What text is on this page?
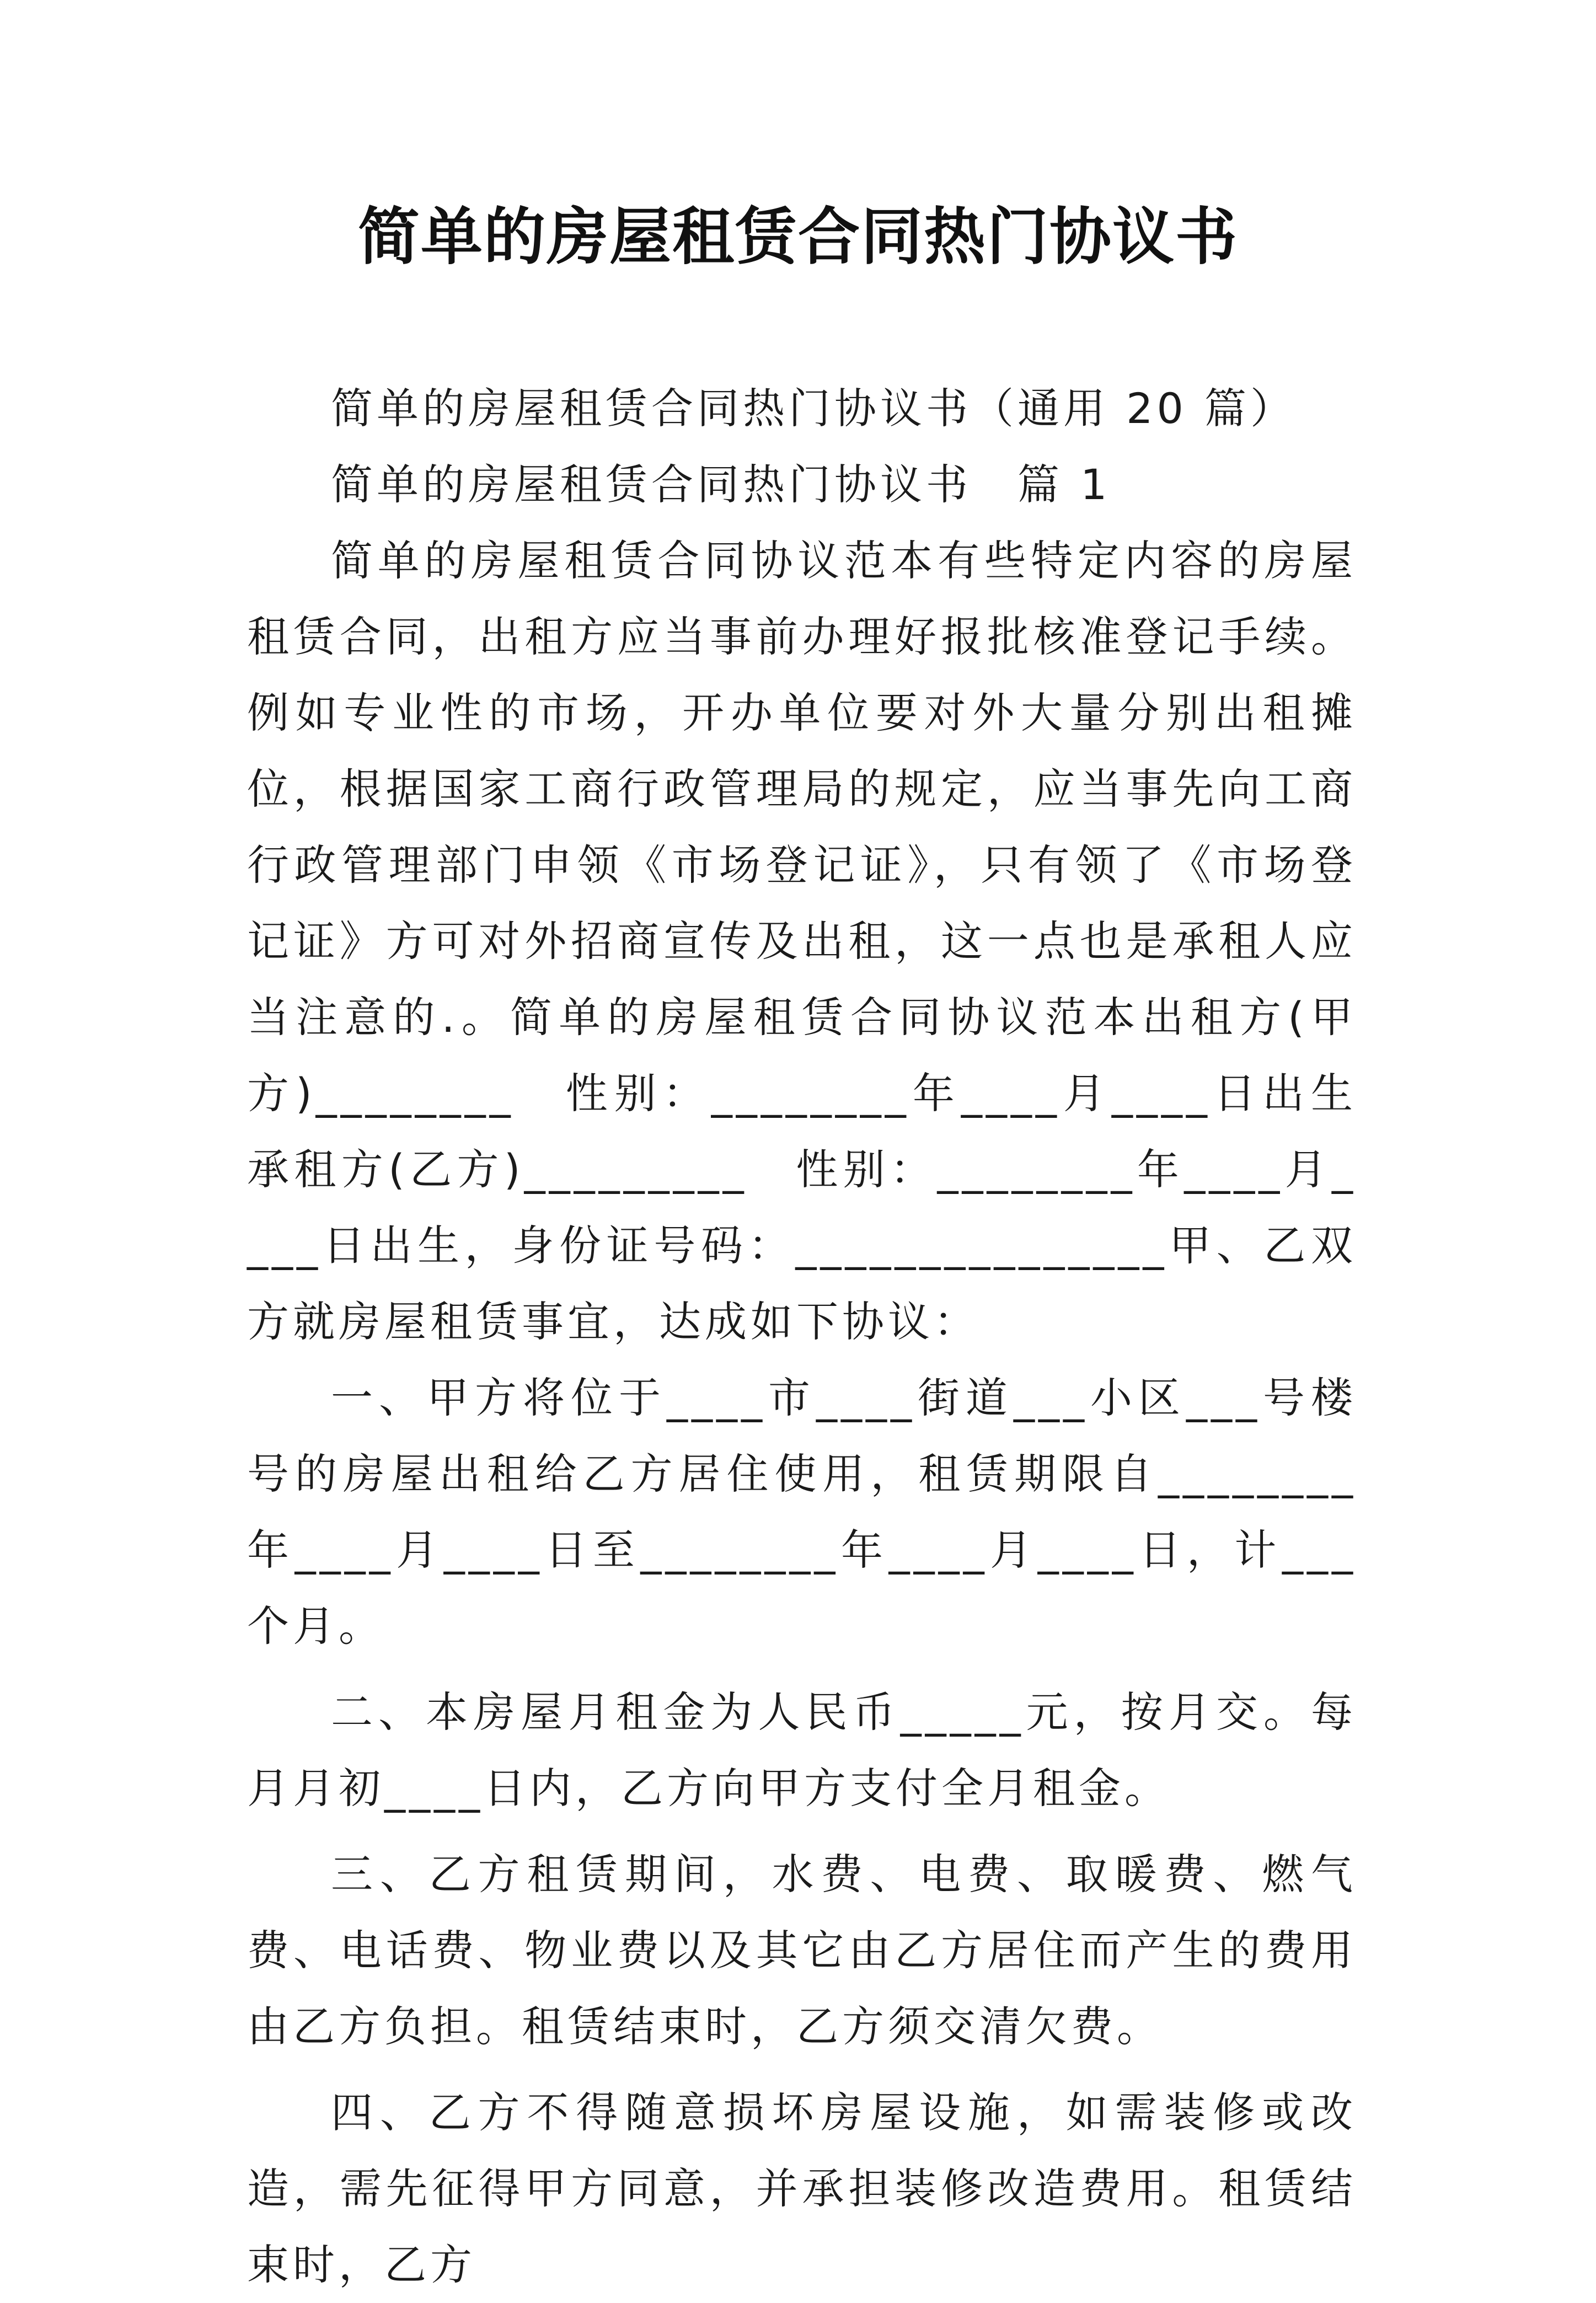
简单的房屋租赁合同热门协议书

简单的房屋租赁合同热门协议书（通用 20 篇）

简单的房屋租赁合同热门协议书　篇 1

简单的房屋租赁合同协议范本有些特定内容的房屋租赁合同，出租方应当事前办理好报批核准登记手续。例如专业性的市场，开办单位要对外大量分别出租摊位，根据国家工商行政管理局的规定，应当事先向工商行政管理部门申领《市场登记证》，只有领了《市场登记证》方可对外招商宣传及出租，这一点也是承租人应当注意的.。简单的房屋租赁合同协议范本出租方(甲方)________　性别：________年____月____日出生承租方(乙方)_________　性别：________年____月____日出生，身份证号码：_______________甲、乙双方就房屋租赁事宜，达成如下协议：

一、甲方将位于____市____街道___小区___号楼号的房屋出租给乙方居住使用，租赁期限自________年____月____日至________年____月____日，计___个月。

二、本房屋月租金为人民币_____元，按月交。每月月初____日内，乙方向甲方支付全月租金。

三、乙方租赁期间，水费、电费、取暖费、燃气费、电话费、物业费以及其它由乙方居住而产生的费用由乙方负担。租赁结束时，乙方须交清欠费。

四、乙方不得随意损坏房屋设施，如需装修或改造，需先征得甲方同意，并承担装修改造费用。租赁结束时，乙方
